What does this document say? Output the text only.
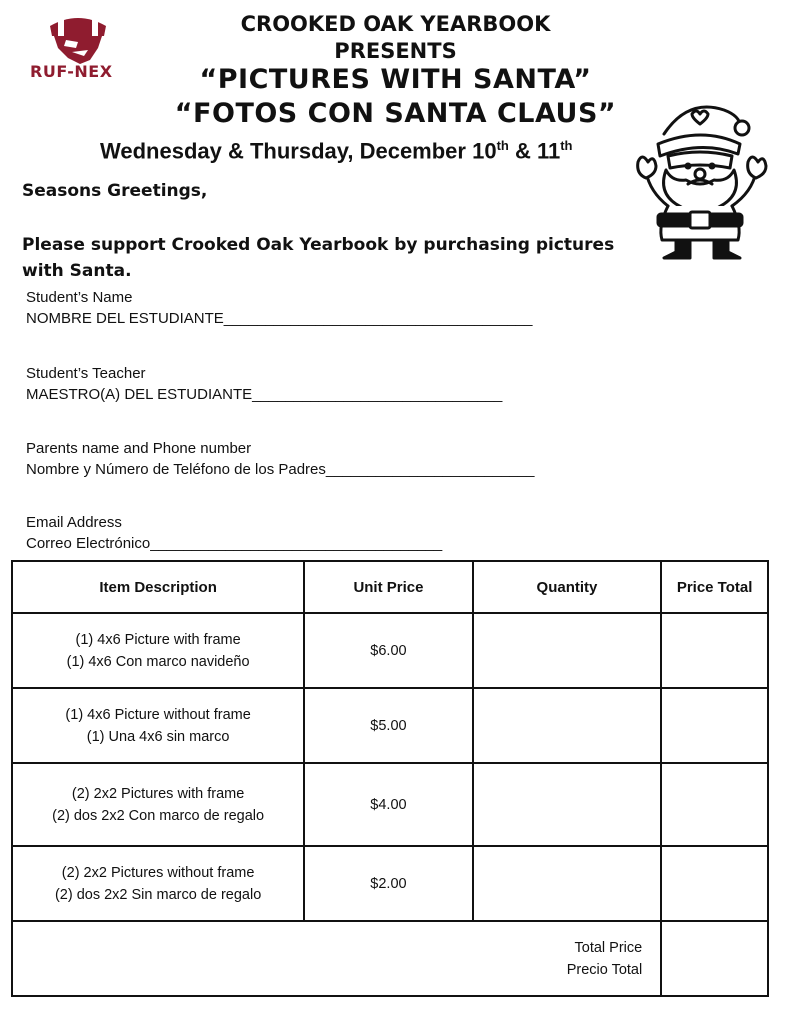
RUF-NEX
CROOKED OAK YEARBOOK
PRESENTS
“PICTURES WITH SANTA”
“FOTOS CON SANTA CLAUS”
Wednesday & Thursday, December 10th & 11th
Seasons Greetings,
Please support Crooked Oak Yearbook by purchasing pictures with Santa.
Student’s Name
NOMBRE DEL ESTUDIANTE_____________________________________
Student’s Teacher
MAESTRO(A) DEL ESTUDIANTE______________________________
Parents name and Phone number
Nombre y Número de Teléfono de los Padres_________________________
Email Address
Correo Electrónico___________________________________
Item Description	Unit Price	Quantity	Price Total

(1) 4x6 Picture with frame
(1) 4x6 Con marco navideño	$6.00		

(1) 4x6 Picture without frame
(1) Una 4x6 sin marco	$5.00		

(2) 2x2 Pictures with frame
(2) dos 2x2 Con marco de regalo	$4.00		

(2) 2x2 Pictures without frame
(2) dos 2x2 Sin marco de regalo	$2.00		

Total Price
Precio Total			
